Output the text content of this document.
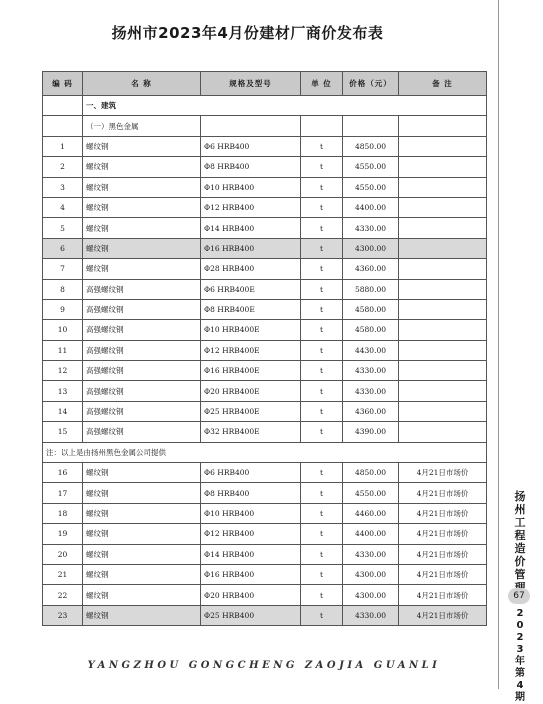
扬州市2023年4月份建材厂商价发布表
编 码	名 称	规格及型号	单 位	价格（元）	备 注
	一、建筑				
	（一）黑色金属				
1	螺纹钢	Φ6 HRB400	t	4850.00	
2	螺纹钢	Φ8 HRB400	t	4550.00	
3	螺纹钢	Φ10 HRB400	t	4550.00	
4	螺纹钢	Φ12 HRB400	t	4400.00	
5	螺纹钢	Φ14 HRB400	t	4330.00	
6	螺纹钢	Φ16 HRB400	t	4300.00	
7	螺纹钢	Φ28 HRB400	t	4360.00	
8	高强螺纹钢	Φ6 HRB400E	t	5880.00	
9	高强螺纹钢	Φ8 HRB400E	t	4580.00	
10	高强螺纹钢	Φ10 HRB400E	t	4580.00	
11	高强螺纹钢	Φ12 HRB400E	t	4430.00	
12	高强螺纹钢	Φ16 HRB400E	t	4330.00	
13	高强螺纹钢	Φ20 HRB400E	t	4330.00	
14	高强螺纹钢	Φ25 HRB400E	t	4360.00	
15	高强螺纹钢	Φ32 HRB400E	t	4390.00	
注：以上是由扬州黑色金属公司提供					
16	螺纹钢	Φ6 HRB400	t	4850.00	4月21日市场价
17	螺纹钢	Φ8 HRB400	t	4550.00	4月21日市场价
18	螺纹钢	Φ10 HRB400	t	4460.00	4月21日市场价
19	螺纹钢	Φ12 HRB400	t	4400.00	4月21日市场价
20	螺纹钢	Φ14 HRB400	t	4330.00	4月21日市场价
21	螺纹钢	Φ16 HRB400	t	4300.00	4月21日市场价
22	螺纹钢	Φ20 HRB400	t	4300.00	4月21日市场价
23	螺纹钢	Φ25 HRB400	t	4330.00	4月21日市场价
扬州工程造价管
67
2023年第4期
YANGZHOU GONGCHENG ZAOJIA GUANLI
